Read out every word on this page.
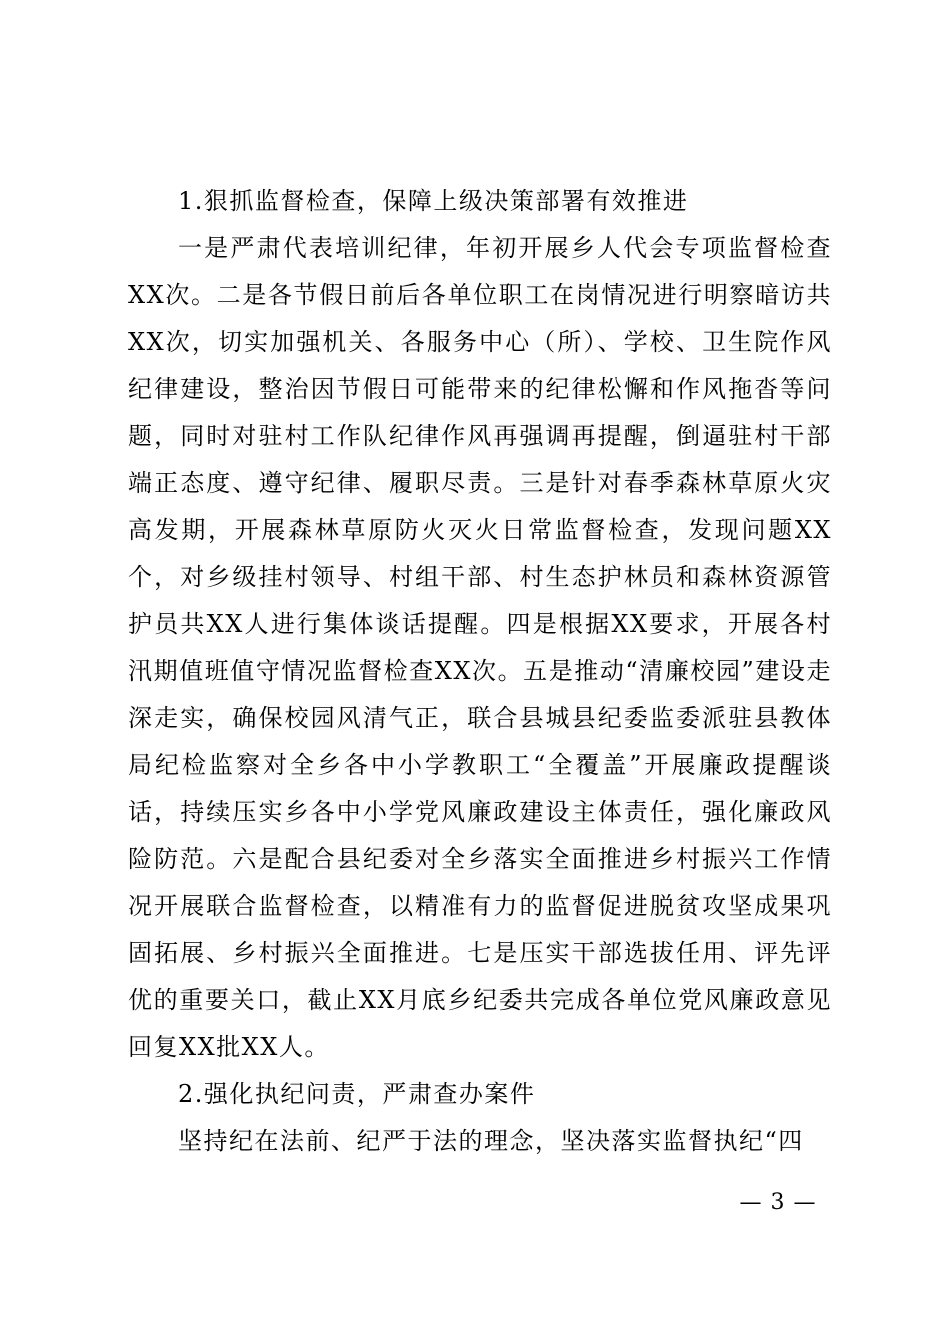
1.狠抓监督检查，保障上级决策部署有效推进

一是严肃代表培训纪律，年初开展乡人代会专项监督检查XX次。二是各节假日前后各单位职工在岗情况进行明察暗访共XX次，切实加强机关、各服务中心（所）、学校、卫生院作风纪律建设，整治因节假日可能带来的纪律松懈和作风拖沓等问题，同时对驻村工作队纪律作风再强调再提醒，倒逼驻村干部端正态度、遵守纪律、履职尽责。三是针对春季森林草原火灾高发期，开展森林草原防火灭火日常监督检查，发现问题XX个，对乡级挂村领导、村组干部、村生态护林员和森林资源管护员共XX人进行集体谈话提醒。四是根据XX要求，开展各村汛期值班值守情况监督检查XX次。五是推动“清廉校园”建设走深走实，确保校园风清气正，联合县城县纪委监委派驻县教体局纪检监察对全乡各中小学教职工“全覆盖”开展廉政提醒谈话，持续压实乡各中小学党风廉政建设主体责任，强化廉政风险防范。六是配合县纪委对全乡落实全面推进乡村振兴工作情况开展联合监督检查，以精准有力的监督促进脱贫攻坚成果巩固拓展、乡村振兴全面推进。七是压实干部选拔任用、评先评优的重要关口，截止XX月底乡纪委共完成各单位党风廉政意见回复XX批XX人。

2.强化执纪问责，严肃查办案件

坚持纪在法前、纪严于法的理念，坚决落实监督执纪“四

— 3 —
